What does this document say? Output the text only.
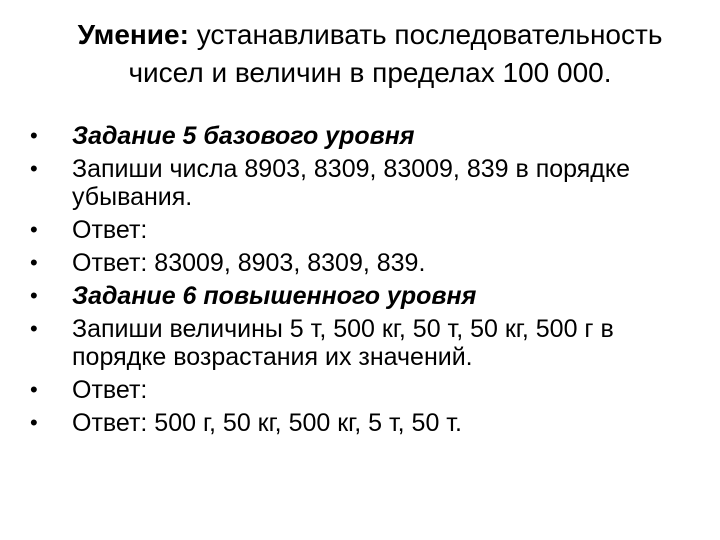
Умение: устанавливать последовательность
чисел и величин в пределах 100 000.
•	Задание 5 базового уровня
•	Запиши числа 8903, 8309, 83009, 839 в порядке убывания.
•	Ответ:
•	Ответ: 83009, 8903, 8309, 839.
•	Задание 6 повышенного уровня
•	Запиши величины 5 т, 500 кг, 50 т, 50 кг, 500 г в порядке возрастания их значений.
•	Ответ:
•	Ответ: 500 г, 50 кг, 500 кг, 5 т, 50 т.
